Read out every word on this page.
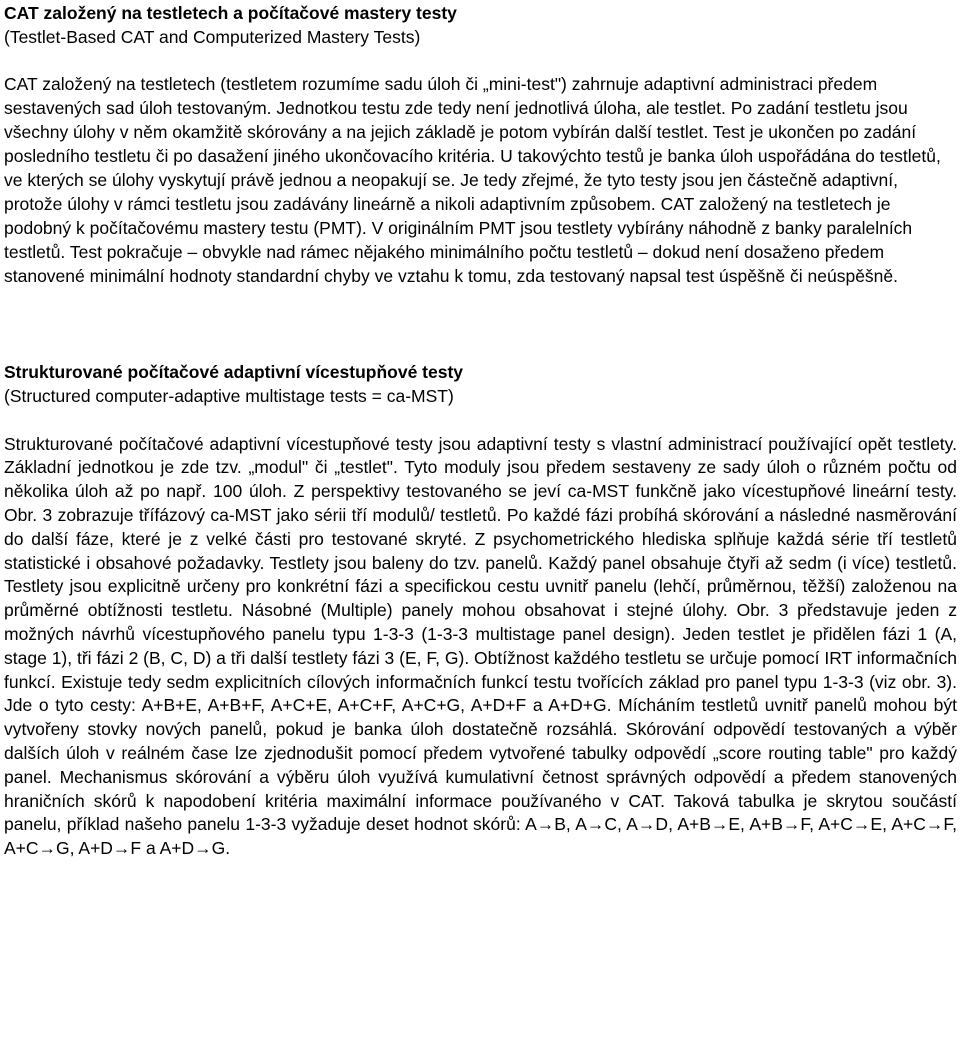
CAT založený na testletech a počítačové mastery testy

(Testlet-Based CAT and Computerized Mastery Tests)

CAT založený na testletech (testletem rozumíme sadu úloh či „mini-test") zahrnuje adaptivní administraci předem sestavených sad úloh testovaným. Jednotkou testu zde tedy není jednotlivá úloha, ale testlet. Po zadání testletu jsou všechny úlohy v něm okamžitě skórovány a na jejich základě je potom vybírán další testlet. Test je ukončen po zadání posledního testletu či po dasažení jiného ukončovacího kritéria. U takovýchto testů je banka úloh uspořádána do testletů, ve kterých se úlohy vyskytují právě jednou a neopakují se. Je tedy zřejmé, že tyto testy jsou jen částečně adaptivní, protože úlohy v rámci testletu jsou zadávány lineárně a nikoli adaptivním způsobem. CAT založený na testletech je podobný k počítačovému mastery testu (PMT). V originálním PMT jsou testlety vybírány náhodně z banky paralelních testletů. Test pokračuje – obvykle nad rámec nějakého minimálního počtu testletů – dokud není dosaženo předem stanovené minimální hodnoty standardní chyby ve vztahu k tomu, zda testovaný napsal test úspěšně či neúspěšně.

Strukturované počítačové adaptivní vícestupňové testy

(Structured computer-adaptive multistage tests = ca-MST)

Strukturované počítačové adaptivní vícestupňové testy jsou adaptivní testy s vlastní administrací používající opět testlety. Základní jednotkou je zde tzv. „modul" či „testlet". Tyto moduly jsou předem sestaveny ze sady úloh o různém počtu od několika úloh až po např. 100 úloh. Z perspektivy testovaného se jeví ca-MST funkčně jako vícestupňové lineární testy. Obr. 3 zobrazuje třífázový ca-MST jako sérii tří modulů/ testletů. Po každé fázi probíhá skórování a následné nasměrování do další fáze, které je z velké části pro testované skryté. Z psychometrického hlediska splňuje každá série tří testletů statistické i obsahové požadavky. Testlety jsou baleny do tzv. panelů. Každý panel obsahuje čtyři až sedm (i více) testletů. Testlety jsou explicitně určeny pro konkrétní fázi a specifickou cestu uvnitř panelu (lehčí, průměrnou, těžší) založenou na průměrné obtížnosti testletu. Násobné (Multiple) panely mohou obsahovat i stejné úlohy. Obr. 3 představuje jeden z možných návrhů vícestupňového panelu typu 1-3-3 (1-3-3 multistage panel design). Jeden testlet je přidělen fázi 1 (A, stage 1), tři fázi 2 (B, C, D) a tři další testlety fázi 3 (E, F, G). Obtížnost každého testletu se určuje pomocí IRT informačních funkcí. Existuje tedy sedm explicitních cílových informačních funkcí testu tvořících základ pro panel typu 1-3-3 (viz obr. 3). Jde o tyto cesty: A+B+E, A+B+F, A+C+E, A+C+F, A+C+G, A+D+F a A+D+G. Mícháním testletů uvnitř panelů mohou být vytvořeny stovky nových panelů, pokud je banka úloh dostatečně rozsáhlá. Skórování odpovědí testovaných a výběr dalších úloh v reálném čase lze zjednodušit pomocí předem vytvořené tabulky odpovědí „score routing table" pro každý panel. Mechanismus skórování a výběru úloh využívá kumulativní četnost správných odpovědí a předem stanovených hraničních skórů k napodobení kritéria maximální informace používaného v CAT. Taková tabulka je skrytou součástí panelu, příklad našeho panelu 1-3-3 vyžaduje deset hodnot skórů: A→B, A→C, A→D, A+B→E, A+B→F, A+C→E, A+C→F, A+C→G, A+D→F a A+D→G.
